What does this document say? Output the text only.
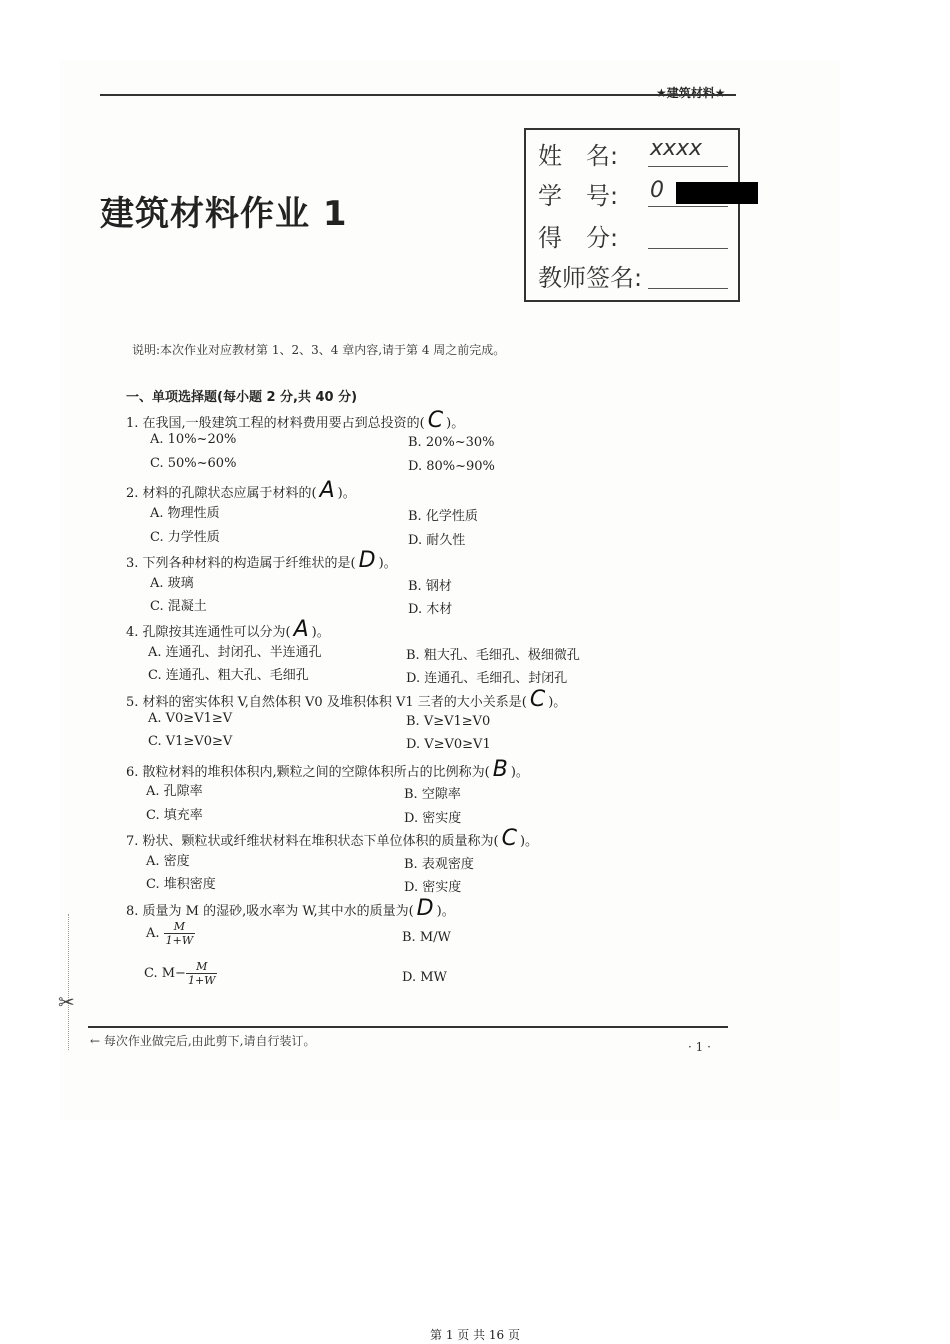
★建筑材料★
建筑材料作业 1
姓　名: xxxx
学　号: 0
得　分:
教师签名:
说明:本次作业对应教材第 1、2、3、4 章内容,请于第 4 周之前完成。
一、单项选择题(每小题 2 分,共 40 分)
1. 在我国,一般建筑工程的材料费用要占到总投资的( C )。
A. 10%~20%	B. 20%~30%
C. 50%~60%	D. 80%~90%
2. 材料的孔隙状态应属于材料的( A )。
A. 物理性质	B. 化学性质
C. 力学性质	D. 耐久性
3. 下列各种材料的构造属于纤维状的是( D )。
A. 玻璃	B. 钢材
C. 混凝土	D. 木材
4. 孔隙按其连通性可以分为( A )。
A. 连通孔、封闭孔、半连通孔	B. 粗大孔、毛细孔、极细微孔
C. 连通孔、粗大孔、毛细孔	D. 连通孔、毛细孔、封闭孔
5. 材料的密实体积 V,自然体积 V0 及堆积体积 V1 三者的大小关系是( C )。
A. V0≥V1≥V	B. V≥V1≥V0
C. V1≥V0≥V	D. V≥V0≥V1
6. 散粒材料的堆积体积内,颗粒之间的空隙体积所占的比例称为( B )。
A. 孔隙率	B. 空隙率
C. 填充率	D. 密实度
7. 粉状、颗粒状或纤维状材料在堆积状态下单位体积的质量称为( C )。
A. 密度	B. 表观密度
C. 堆积密度	D. 密实度
8. 质量为 M 的湿砂,吸水率为 W,其中水的质量为( D )。
A. $\frac{M}{1+W}$	B. M/W
C. $M- \frac{M}{1+W}$	D. MW
✂
← 每次作业做完后,由此剪下,请自行装订。	· 1 ·
第 1 页 共 16 页
